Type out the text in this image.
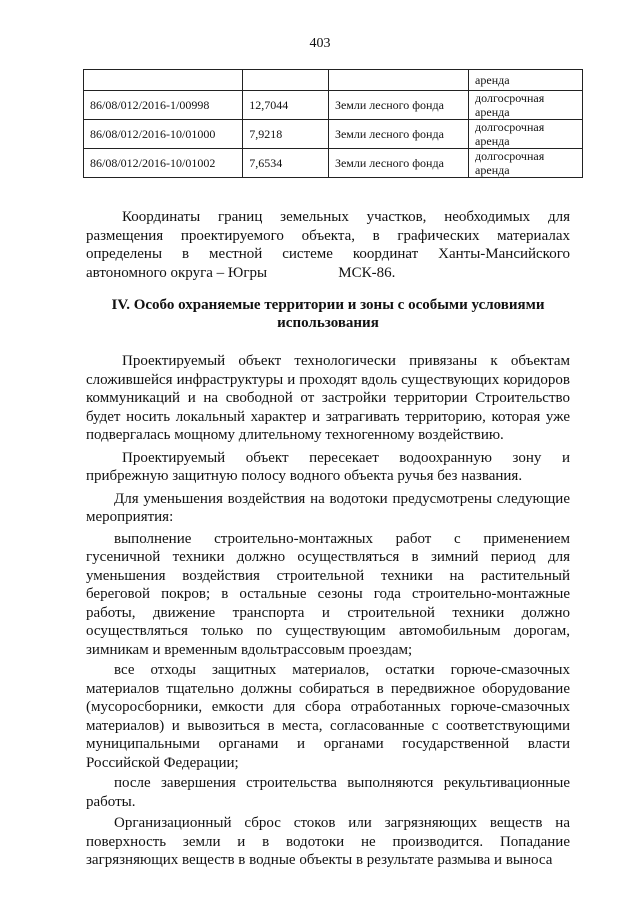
403
			аренда
86/08/012/2016-1/00998	12,7044	Земли лесного фонда	долгосрочная аренда
86/08/012/2016-10/01000	7,9218	Земли лесного фонда	долгосрочная аренда
86/08/012/2016-10/01002	7,6534	Земли лесного фонда	долгосрочная аренда

Координаты границ земельных участков, необходимых для

размещения проектируемого объекта, в графических материалах

определены в местной системе координат Ханты-Мансийского

автономного округа – Югры                   МСК-86.

IV. Особо охраняемые территории и зоны с особыми условиями
использования

Проектируемый объект технологически привязаны к объектам сложившейся инфраструктуры и проходят вдоль существующих коридоров коммуникаций и на свободной от застройки территории Строительство будет носить локальный характер и затрагивать территорию, которая уже подвергалась мощному длительному техногенному воздействию.

Проектируемый объект пересекает водоохранную зону и прибрежную защитную полосу водного объекта ручья без названия.

Для уменьшения воздействия на водотоки предусмотрены следующие мероприятия:

выполнение строительно-монтажных работ с применением гусеничной техники должно осуществляться в зимний период для уменьшения воздействия строительной техники на растительный береговой покров; в остальные сезоны года строительно-монтажные работы, движение транспорта и строительной техники должно осуществляться только по существующим автомобильным дорогам, зимникам и временным вдольтрассовым проездам;

все отходы защитных материалов, остатки горюче-смазочных материалов тщательно должны собираться в передвижное оборудование (мусоросборники, емкости для сбора отработанных горюче-смазочных материалов) и вывозиться в места, согласованные с соответствующими муниципальными органами и органами государственной власти Российской Федерации;

после завершения строительства выполняются рекультивационные работы.

Организационный сброс стоков или загрязняющих веществ на поверхность земли и в водотоки не производится. Попадание загрязняющих веществ в водные объекты в результате размыва и выноса
